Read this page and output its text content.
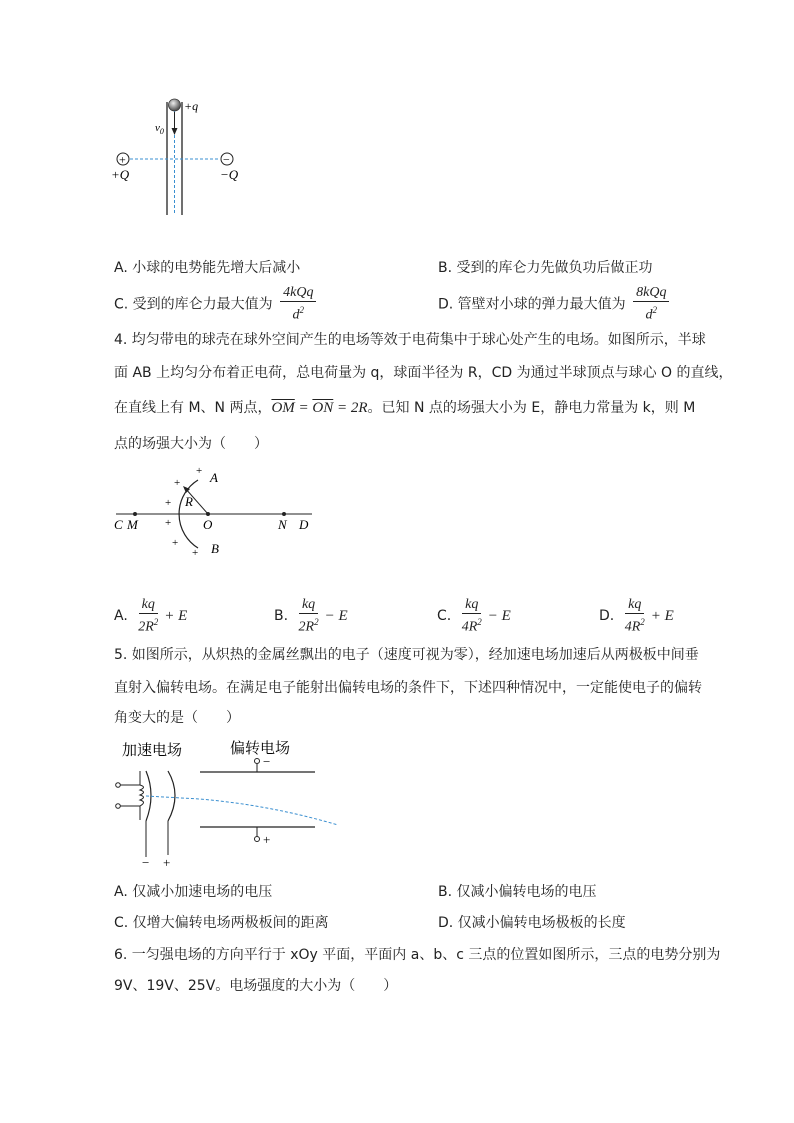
+q
$v_0$
+	−
+Q	−Q
A. 小球的电势能先增大后减小	B. 受到的库仑力先做负功后做正功
C. 受到的库仑力最大值为 $\frac{\text{4kQq}}{d^2}$	D. 管壁对小球的弹力最大值为 $\frac{\text{8kQq}}{d^2}$
4. 均匀带电的球壳在球外空间产生的电场等效于电荷集中于球心处产生的电场。如图所示，半球
面 AB 上均匀分布着正电荷，总电荷量为 q，球面半径为 R，CD 为通过半球顶点与球心 O 的直线，
在直线上有 M、N 两点，$\overline{OM} = \overline{ON} = 2R$。已知 N 点的场强大小为 E，静电力常量为 k，则 M
点的场强大小为（　　）
A
B
C M	O	N D
R
+
+
+
+
+
+
A. $\frac{kq}{2R^2} + E$	B. $\frac{kq}{2R^2} - E$	C. $\frac{kq}{4R^2} - E$	D. $\frac{kq}{4R^2} + E$
5. 如图所示，从炽热的金属丝飘出的电子（速度可视为零），经加速电场加速后从两极板中间垂
直射入偏转电场。在满足电子能射出偏转电场的条件下，下述四种情况中，一定能使电子的偏转
角变大的是（　　）
加速电场	偏转电场
− +
−
+
A. 仅减小加速电场的电压	B. 仅减小偏转电场的电压
C. 仅增大偏转电场两极板间的距离	D. 仅减小偏转电场极板的长度
6. 一匀强电场的方向平行于 xOy 平面，平面内 a、b、c 三点的位置如图所示，三点的电势分别为
9V、19V、25V。电场强度的大小为（　　）
